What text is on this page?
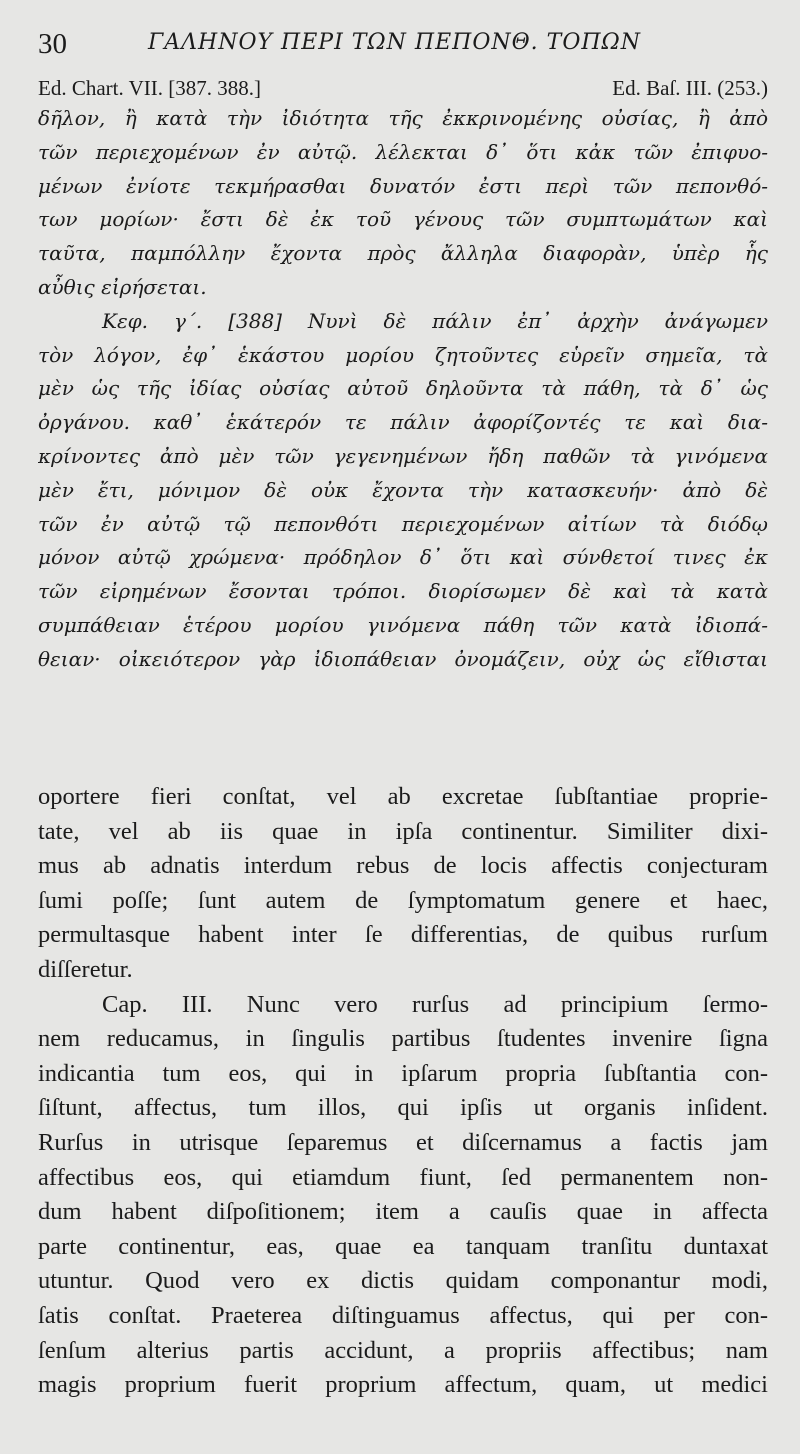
30	ΓΑΛΗΝΟΥ ΠΕΡΙ ΤΩΝ ΠΕΠΟΝΘ. ΤΟΠΩΝ
Ed. Chart. VII. [387. 388.]	Ed. Baſ. III. (253.)
δῆλον, ἢ κατὰ τὴν ἰδιότητα τῆς ἐκκρινομένης οὐσίας, ἢ ἀπὸ
τῶν περιεχομένων ἐν αὐτῷ. λέλεκται δ᾽ ὅτι κἀκ τῶν ἐπιφυο-
μένων ἐνίοτε τεκμήρασθαι δυνατόν ἐστι περὶ τῶν πεπονθό-
των μορίων· ἔστι δὲ ἐκ τοῦ γένους τῶν συμπτωμάτων καὶ
ταῦτα, παμπόλλην ἔχοντα πρὸς ἄλληλα διαφορὰν, ὑπὲρ ἧς
αὖθις εἰρήσεται.
Κεφ. γ΄. [388] Νυνὶ δὲ πάλιν ἐπ᾽ ἀρχὴν ἀνάγωμεν
τὸν λόγον, ἐφ᾽ ἑκάστου μορίου ζητοῦντες εὑρεῖν σημεῖα, τὰ
μὲν ὡς τῆς ἰδίας οὐσίας αὐτοῦ δηλοῦντα τὰ πάθη, τὰ δ᾽ ὡς
ὀργάνου. καθ᾽ ἑκάτερόν τε πάλιν ἀφορίζοντές τε καὶ δια-
κρίνοντες ἀπὸ μὲν τῶν γεγενημένων ἤδη παθῶν τὰ γινόμενα
μὲν ἔτι, μόνιμον δὲ οὐκ ἔχοντα τὴν κατασκευήν· ἀπὸ δὲ
τῶν ἐν αὐτῷ τῷ πεπονθότι περιεχομένων αἰτίων τὰ διόδῳ
μόνον αὐτῷ χρώμενα· πρόδηλον δ᾽ ὅτι καὶ σύνθετοί τινες ἐκ
τῶν εἰρημένων ἔσονται τρόποι. διορίσωμεν δὲ καὶ τὰ κατὰ
συμπάθειαν ἑτέρου μορίου γινόμενα πάθη τῶν κατὰ ἰδιοπά-
θειαν· οἰκειότερον γὰρ ἰδιοπάθειαν ὀνομάζειν, οὐχ ὡς εἴθισται
oportere fieri conſtat, vel ab excretae ſubſtantiae proprie-
tate, vel ab iis quae in ipſa continentur. Similiter dixi-
mus ab adnatis interdum rebus de locis affectis conjecturam
ſumi poſſe; ſunt autem de ſymptomatum genere et haec,
permultasque habent inter ſe differentias, de quibus rurſum
diſſeretur.
Cap. III. Nunc vero rurſus ad principium ſermo-
nem reducamus, in ſingulis partibus ſtudentes invenire ſigna
indicantia tum eos, qui in ipſarum propria ſubſtantia con-
ſiſtunt, affectus, tum illos, qui ipſis ut organis inſident.
Rurſus in utrisque ſeparemus et diſcernamus a factis jam
affectibus eos, qui etiamdum fiunt, ſed permanentem non-
dum habent diſpoſitionem; item a cauſis quae in affecta
parte continentur, eas, quae ea tanquam tranſitu duntaxat
utuntur. Quod vero ex dictis quidam componantur modi,
ſatis conſtat. Praeterea diſtinguamus affectus, qui per con-
ſenſum alterius partis accidunt, a propriis affectibus; nam
magis proprium fuerit proprium affectum, quam, ut medici
